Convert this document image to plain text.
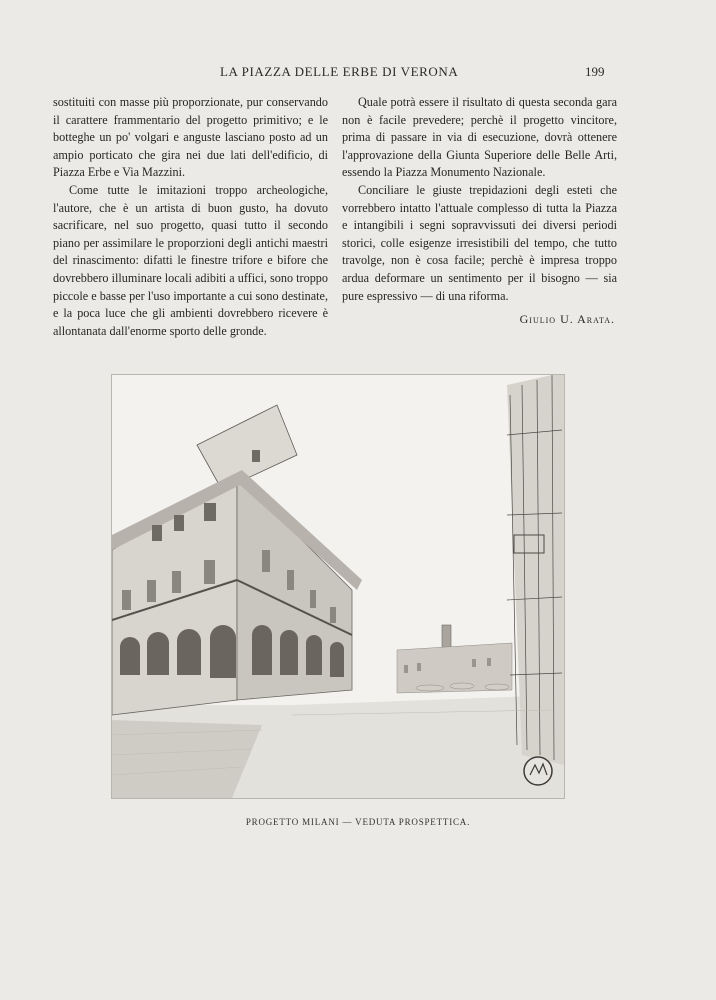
LA PIAZZA DELLE ERBE DI VERONA	199

sostituiti con masse più proporzionate, pur conservando il carattere frammentario del progetto primitivo; e le botteghe un po' volgari e anguste lasciano posto ad un ampio porticato che gira nei due lati dell'edificio, di Piazza Erbe e Via Mazzini.

Come tutte le imitazioni troppo archeologiche, l'autore, che è un artista di buon gusto, ha dovuto sacrificare, nel suo progetto, quasi tutto il secondo piano per assimilare le proporzioni degli antichi maestri del rinascimento: difatti le finestre trifore e bifore che dovrebbero illuminare locali adibiti a uffici, sono troppo piccole e basse per l'uso importante a cui sono destinate, e la poca luce che gli ambienti dovrebbero ricevere è allontanata dall'enorme sporto delle gronde.

Quale potrà essere il risultato di questa seconda gara non è facile prevedere; perchè il progetto vincitore, prima di passare in via di esecuzione, dovrà ottenere l'approvazione della Giunta Superiore delle Belle Arti, essendo la Piazza Monumento Nazionale.

Conciliare le giuste trepidazioni degli esteti che vorrebbero intatto l'attuale complesso di tutta la Piazza e intangibili i segni sopravvissuti dei diversi periodi storici, colle esigenze irresistibili del tempo, che tutto travolge, non è cosa facile; perchè è impresa troppo ardua deformare un sentimento per il bisogno — sia pure espressivo — di una riforma.

Giulio U. Arata.
PROGETTO MILANI — VEDUTA PROSPETTICA.
